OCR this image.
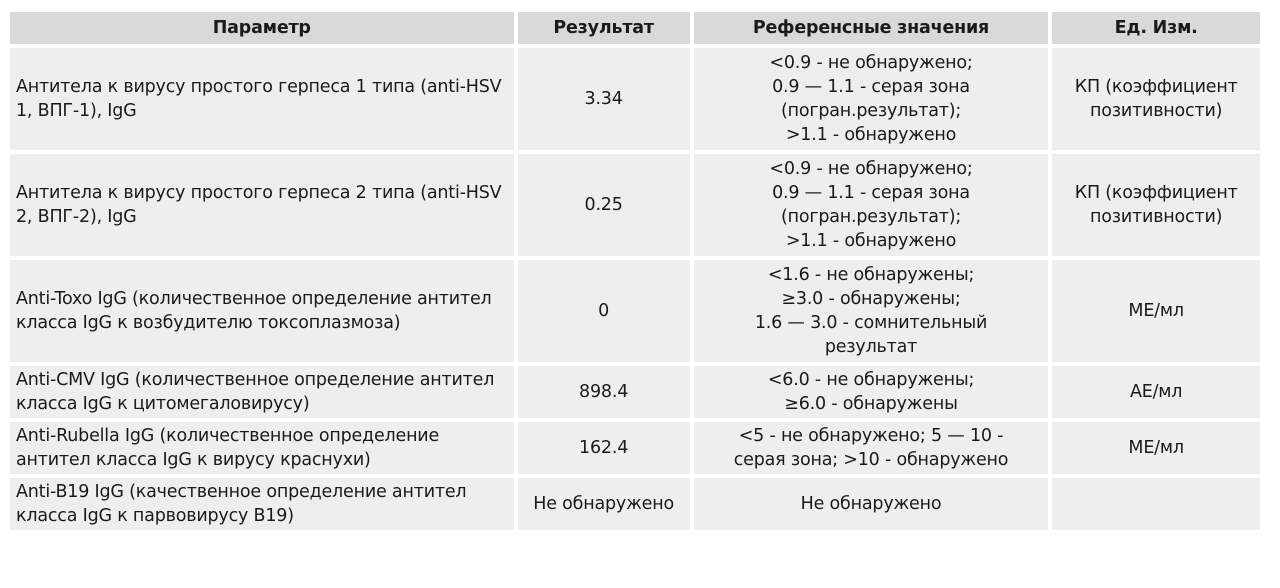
Параметр	Результат	Референсные значения	Ед. Изм.
Антитела к вирусу простого герпеса 1 типа (anti-HSV 1, ВПГ-1), IgG	3.34	<0.9 - не обнаружено;
0.9 — 1.1 - серая зона
(погран.результат);
>1.1 - обнаружено	КП (коэффициент позитивности)
Антитела к вирусу простого герпеса 2 типа (anti-HSV 2, ВПГ-2), IgG	0.25	<0.9 - не обнаружено;
0.9 — 1.1 - серая зона
(погран.результат);
>1.1 - обнаружено	КП (коэффициент позитивности)
Anti-Toxo IgG (количественное определение антител класса IgG к возбудителю токсоплазмоза)	0	<1.6 - не обнаружены;
≥3.0 - обнаружены;
1.6 — 3.0 - сомнительный
результат	МЕ/мл
Anti-CMV IgG (количественное определение антител класса IgG к цитомегаловирусу)	898.4	<6.0 - не обнаружены;
≥6.0 - обнаружены	АЕ/мл
Anti-Rubella IgG (количественное определение антител класса IgG к вирусу краснухи)	162.4	<5 - не обнаружено; 5 — 10 -
серая зона; >10 - обнаружено	МЕ/мл
Anti-B19 IgG (качественное определение антител класса IgG к парвовирусу B19)	Не обнаружено	Не обнаружено	
